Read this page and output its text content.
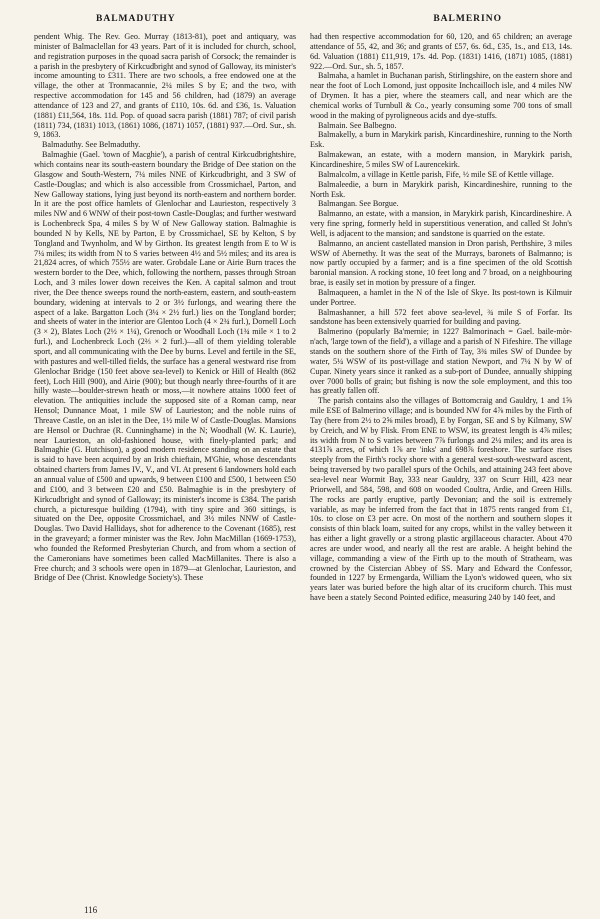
BALMADUTHY	BALMERINO

pendent Whig. The Rev. Geo. Murray (1813-81), poet and antiquary, was minister of Balmaclellan for 43 years. Part of it is included for church, school, and registration purposes in the quoad sacra parish of Corsock; the remainder is a parish in the presbytery of Kirkcudbright and synod of Galloway, its minister's income amounting to £311. There are two schools, a free endowed one at the village, the other at Tronmacannie, 2¼ miles S by E; and the two, with respective accommodation for 145 and 56 children, had (1879) an average attendance of 123 and 27, and grants of £110, 10s. 6d. and £36, 1s. Valuation (1881) £11,564, 18s. 11d. Pop. of quoad sacra parish (1881) 787; of civil parish (1811) 734, (1831) 1013, (1861) 1086, (1871) 1057, (1881) 937.—Ord. Sur., sh. 9, 1863.

Balmaduthy. See Belmaduthy.

Balmaghie (Gael. 'town of Macghie'), a parish of central Kirkcudbrightshire, which contains near its south-eastern boundary the Bridge of Dee station on the Glasgow and South-Western, 7¼ miles NNE of Kirkcudbright, and 3 SW of Castle-Douglas; and which is also accessible from Crossmichael, Parton, and New Galloway stations, lying just beyond its north-eastern and northern border. In it are the post office hamlets of Glenlochar and Laurieston, respectively 3 miles NW and 6 WNW of their post-town Castle-Douglas; and further westward is Lochenbreck Spa, 4 miles S by W of New Galloway station. Balmaghie is bounded N by Kells, NE by Parton, E by Crossmichael, SE by Kelton, S by Tongland and Twynholm, and W by Girthon. Its greatest length from E to W is 7¼ miles; its width from N to S varies between 4½ and 5½ miles; and its area is 21,824 acres, of which 755½ are water. Grobdale Lane or Airie Burn traces the western border to the Dee, which, following the northern, passes through Stroan Loch, and 3 miles lower down receives the Ken. A capital salmon and trout river, the Dee thence sweeps round the north-eastern, eastern, and south-eastern boundary, widening at intervals to 2 or 3½ furlongs, and wearing there the aspect of a lake. Bargatton Loch (3¼ × 2½ furl.) lies on the Tongland border; and sheets of water in the interior are Glentoo Loch (4 × 2¾ furl.), Dornell Loch (3 × 2), Blates Loch (2½ × 1¼), Grenoch or Woodhall Loch (1¾ mile × 1 to 2 furl.), and Lochenbreck Loch (2⅔ × 2 furl.)—all of them yielding tolerable sport, and all communicating with the Dee by burns. Level and fertile in the SE, with pastures and well-tilled fields, the surface has a general westward rise from Glenlochar Bridge (150 feet above sea-level) to Kenick or Hill of Health (862 feet), Loch Hill (900), and Airie (900); but though nearly three-fourths of it are hilly waste—boulder-strewn heath or moss,—it nowhere attains 1000 feet of elevation. The antiquities include the supposed site of a Roman camp, near Hensol; Dunnance Moat, 1 mile SW of Laurieston; and the noble ruins of Threave Castle, on an islet in the Dee, 1½ mile W of Castle-Douglas. Mansions are Hensol or Duchrae (R. Cunninghame) in the N; Woodhall (W. K. Laurie), near Laurieston, an old-fashioned house, with finely-planted park; and Balmaghie (G. Hutchison), a good modern residence standing on an estate that is said to have been acquired by an Irish chieftain, M'Ghie, whose descendants obtained charters from James IV., V., and VI. At present 6 landowners hold each an annual value of £500 and upwards, 9 between £100 and £500, 1 between £50 and £100, and 3 between £20 and £50. Balmaghie is in the presbytery of Kirkcudbright and synod of Galloway; its minister's income is £384. The parish church, a picturesque building (1794), with tiny spire and 360 sittings, is situated on the Dee, opposite Crossmichael, and 3½ miles NNW of Castle-Douglas. Two David Hallidays, shot for adherence to the Covenant (1685), rest in the graveyard; a former minister was the Rev. John MacMillan (1669-1753), who founded the Reformed Presbyterian Church, and from whom a section of the Cameronians have sometimes been called MacMillanites. There is also a Free church; and 3 schools were open in 1879—at Glenlochar, Laurieston, and Bridge of Dee (Christ. Knowledge Society's). These

had then respective accommodation for 60, 120, and 65 children; an average attendance of 55, 42, and 36; and grants of £57, 6s. 6d., £35, 1s., and £13, 14s. 6d. Valuation (1881) £11,919, 17s. 4d. Pop. (1831) 1416, (1871) 1085, (1881) 922.—Ord. Sur., sh. 5, 1857.

Balmaha, a hamlet in Buchanan parish, Stirlingshire, on the eastern shore and near the foot of Loch Lomond, just opposite Inchcailloch isle, and 4 miles NW of Drymen. It has a pier, where the steamers call, and near which are the chemical works of Turnbull & Co., yearly consuming some 700 tons of small wood in the making of pyroligneous acids and dye-stuffs.

Balmain. See Balbegno.

Balmakelly, a burn in Marykirk parish, Kincardineshire, running to the North Esk.

Balmakewan, an estate, with a modern mansion, in Marykirk parish, Kincardineshire, 5 miles SW of Laurencekirk.

Balmalcolm, a village in Kettle parish, Fife, ½ mile SE of Kettle village.

Balmaleedie, a burn in Marykirk parish, Kincardineshire, running to the North Esk.

Balmangan. See Borgue.

Balmanno, an estate, with a mansion, in Marykirk parish, Kincardineshire. A very fine spring, formerly held in superstitious veneration, and called St John's Well, is adjacent to the mansion; and sandstone is quarried on the estate.

Balmanno, an ancient castellated mansion in Dron parish, Perthshire, 3 miles WSW of Abernethy. It was the seat of the Murrays, baronets of Balmanno; is now partly occupied by a farmer; and is a fine specimen of the old Scottish baronial mansion. A rocking stone, 10 feet long and 7 broad, on a neighbouring brae, is easily set in motion by pressure of a finger.

Balmaqueen, a hamlet in the N of the Isle of Skye. Its post-town is Kilmuir under Portree.

Balmashanner, a hill 572 feet above sea-level, ¾ mile S of Forfar. Its sandstone has been extensively quarried for building and paving.

Balmerino (popularly Ba'mernie; in 1227 Balmorinach = Gael. baile-mòr-n'ach, 'large town of the field'), a village and a parish of N Fifeshire. The village stands on the southern shore of the Firth of Tay, 3¾ miles SW of Dundee by water, 5¼ WSW of its post-village and station Newport, and 7¼ N by W of Cupar. Ninety years since it ranked as a sub-port of Dundee, annually shipping over 7000 bolls of grain; but fishing is now the sole employment, and this too has greatly fallen off.

The parish contains also the villages of Bottomcraig and Gauldry, 1 and 1⅝ mile ESE of Balmerino village; and is bounded NW for 4⅞ miles by the Firth of Tay (here from 2½ to 2⅝ miles broad), E by Forgan, SE and S by Kilmany, SW by Creich, and W by Flisk. From ENE to WSW, its greatest length is 4⅞ miles; its width from N to S varies between 7⅞ furlongs and 2¼ miles; and its area is 4131⅞ acres, of which 1⅞ are 'inks' and 698⅞ foreshore. The surface rises steeply from the Firth's rocky shore with a general west-south-westward ascent, being traversed by two parallel spurs of the Ochils, and attaining 243 feet above sea-level near Wormit Bay, 333 near Gauldry, 337 on Scurr Hill, 423 near Priorwell, and 584, 598, and 608 on wooded Coultra, Ardie, and Green Hills. The rocks are partly eruptive, partly Devonian; and the soil is extremely variable, as may be inferred from the fact that in 1875 rents ranged from £1, 10s. to close on £3 per acre. On most of the northern and southern slopes it consists of thin black loam, suited for any crops, whilst in the valley between it has either a light gravelly or a strong plastic argillaceous character. About 470 acres are under wood, and nearly all the rest are arable. A height behind the village, commanding a view of the Firth up to the mouth of Strathearn, was crowned by the Cistercian Abbey of SS. Mary and Edward the Confessor, founded in 1227 by Ermengarda, William the Lyon's widowed queen, who six years later was buried before the high altar of its cruciform church. This must have been a stately Second Pointed edifice, measuring 240 by 140 feet, and

116
